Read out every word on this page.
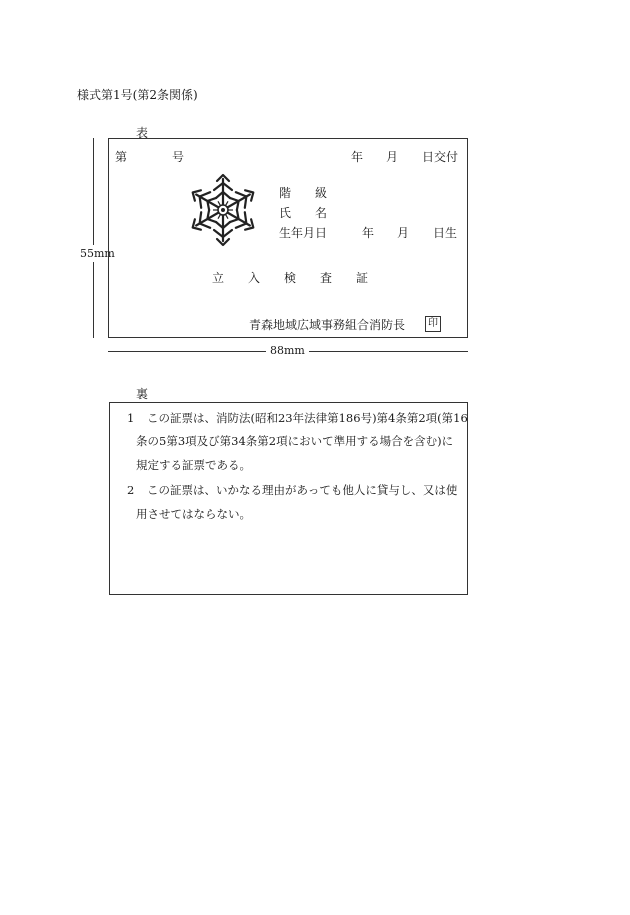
様式第1号(第2条関係)
表
55mm
第	号	年 月 日交付
階　　級
氏　　名
生年月日	年 月 日生
立　　入　　検　　査　　証
青森地域広域事務組合消防長	印
88mm
裏
1 この証票は、消防法(昭和23年法律第186号)第4条第2項(第16
条の5第3項及び第34条第2項において準用する場合を含む)に
規定する証票である。
2 この証票は、いかなる理由があっても他人に貸与し、又は使
用させてはならない。
